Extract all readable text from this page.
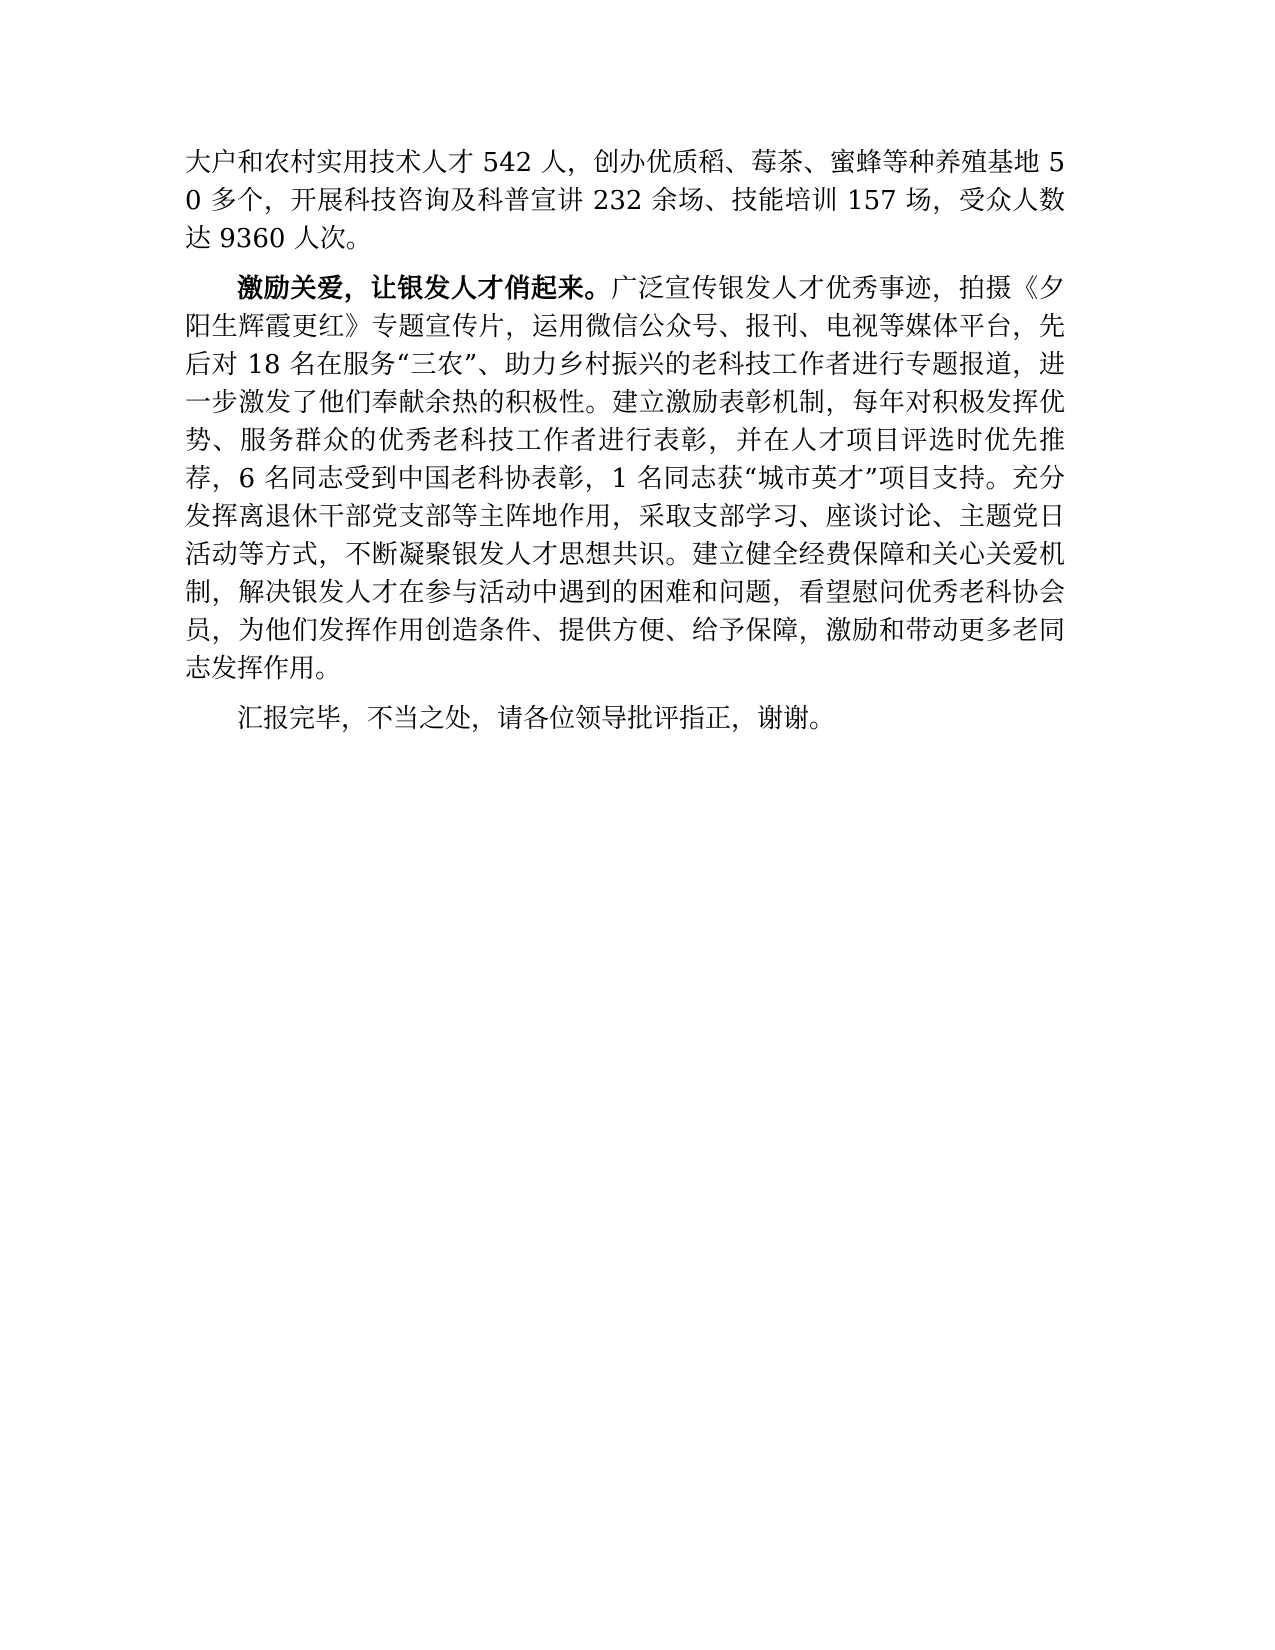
大户和农村实用技术人才 542 人，创办优质稻、莓茶、蜜蜂等种养殖基地 50 多个，开展科技咨询及科普宣讲 232 余场、技能培训 157 场，受众人数达 9360 人次。

激励关爱，让银发人才俏起来。广泛宣传银发人才优秀事迹，拍摄《夕阳生辉霞更红》专题宣传片，运用微信公众号、报刊、电视等媒体平台，先后对 18 名在服务“三农”、助力乡村振兴的老科技工作者进行专题报道，进一步激发了他们奉献余热的积极性。建立激励表彰机制，每年对积极发挥优势、服务群众的优秀老科技工作者进行表彰，并在人才项目评选时优先推荐，6 名同志受到中国老科协表彰，1 名同志获“城市英才”项目支持。充分发挥离退休干部党支部等主阵地作用，采取支部学习、座谈讨论、主题党日活动等方式，不断凝聚银发人才思想共识。建立健全经费保障和关心关爱机制，解决银发人才在参与活动中遇到的困难和问题，看望慰问优秀老科协会员，为他们发挥作用创造条件、提供方便、给予保障，激励和带动更多老同志发挥作用。

汇报完毕，不当之处，请各位领导批评指正，谢谢。
